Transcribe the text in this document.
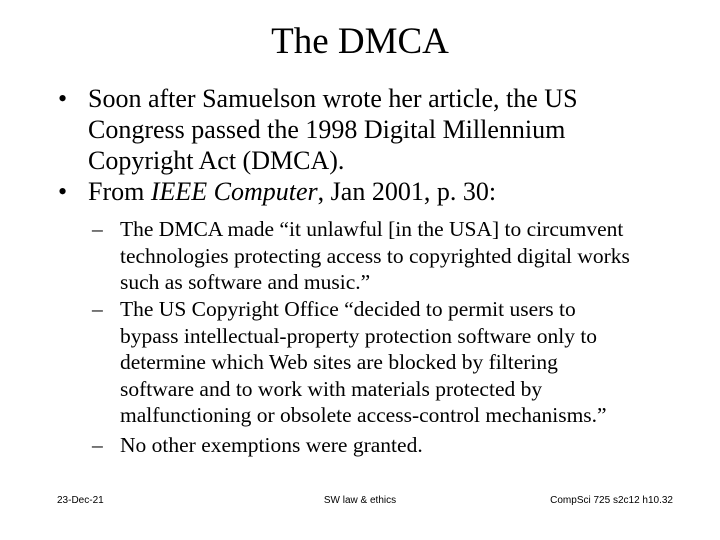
The DMCA
• Soon after Samuelson wrote her article, the US
Congress passed the 1998 Digital Millennium
Copyright Act (DMCA).
• From IEEE Computer, Jan 2001, p. 30:
– The DMCA made “it unlawful [in the USA] to circumvent
technologies protecting access to copyrighted digital works
such as software and music.”
– The US Copyright Office “decided to permit users to
bypass intellectual-property protection software only to
determine which Web sites are blocked by filtering
software and to work with materials protected by
malfunctioning or obsolete access-control mechanisms.”
– No other exemptions were granted.
23-Dec-21	SW law & ethics	CompSci 725 s2c12 h10.32
